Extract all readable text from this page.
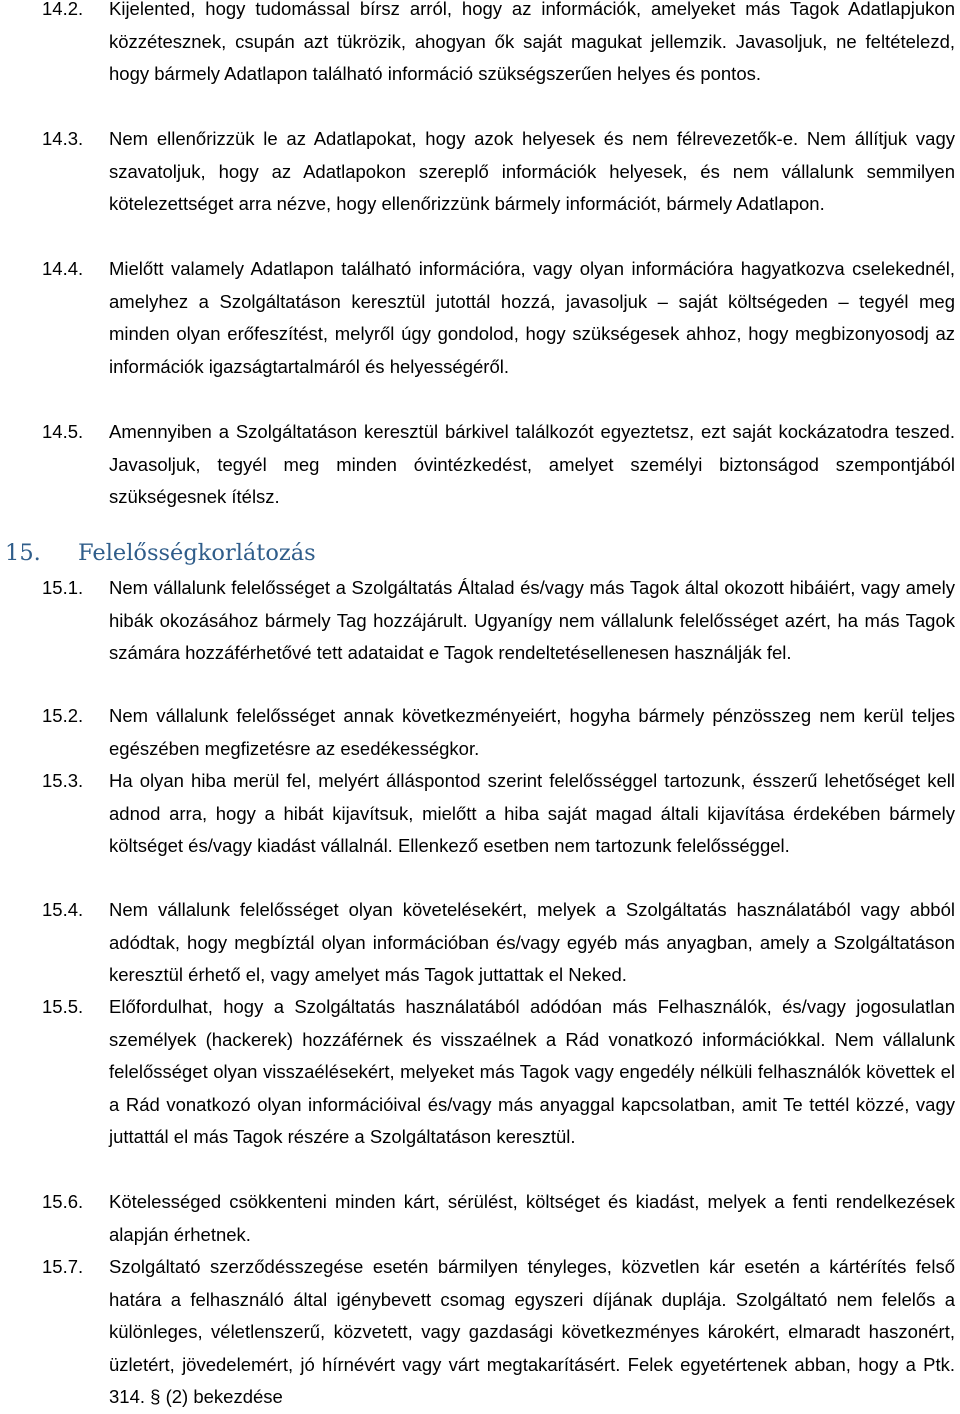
14.2. Kijelented, hogy tudomással bírsz arról, hogy az információk, amelyeket más Tagok Adatlapjukon közzétesznek, csupán azt tükrözik, ahogyan ők saját magukat jellemzik. Javasoljuk, ne feltételezd, hogy bármely Adatlapon található információ szükségszerűen helyes és pontos.

14.3. Nem ellenőrizzük le az Adatlapokat, hogy azok helyesek és nem félrevezetők-e. Nem állítjuk vagy szavatoljuk, hogy az Adatlapokon szereplő információk helyesek, és nem vállalunk semmilyen kötelezettséget arra nézve, hogy ellenőrizzünk bármely információt, bármely Adatlapon.

14.4. Mielőtt valamely Adatlapon található információra, vagy olyan információra hagyatkozva cselekednél, amelyhez a Szolgáltatáson keresztül jutottál hozzá, javasoljuk – saját költségeden – tegyél meg minden olyan erőfeszítést, melyről úgy gondolod, hogy szükségesek ahhoz, hogy megbizonyosodj az információk igazságtartalmáról és helyességéről.

14.5. Amennyiben a Szolgáltatáson keresztül bárkivel találkozót egyeztetsz, ezt saját kockázatodra teszed. Javasoljuk, tegyél meg minden óvintézkedést, amelyet személyi biztonságod szempontjából szükségesnek ítélsz.

15. Felelősségkorlátozás
15.1. Nem vállalunk felelősséget a Szolgáltatás Általad és/vagy más Tagok által okozott hibáiért, vagy amely hibák okozásához bármely Tag hozzájárult. Ugyanígy nem vállalunk felelősséget azért, ha más Tagok számára hozzáférhetővé tett adataidat e Tagok rendeltetésellenesen használják fel.

15.2. Nem vállalunk felelősséget annak következményeiért, hogyha bármely pénzösszeg nem kerül teljes egészében megfizetésre az esedékességkor.

15.3. Ha olyan hiba merül fel, melyért álláspontod szerint felelősséggel tartozunk, ésszerű lehetőséget kell adnod arra, hogy a hibát kijavítsuk, mielőtt a hiba saját magad általi kijavítása érdekében bármely költséget és/vagy kiadást vállalnál. Ellenkező esetben nem tartozunk felelősséggel.

15.4. Nem vállalunk felelősséget olyan követelésekért, melyek a Szolgáltatás használatából vagy abból adódtak, hogy megbíztál olyan információban és/vagy egyéb más anyagban, amely a Szolgáltatáson keresztül érhető el, vagy amelyet más Tagok juttattak el Neked.

15.5. Előfordulhat, hogy a Szolgáltatás használatából adódóan más Felhasználók, és/vagy jogosulatlan személyek (hackerek) hozzáférnek és visszaélnek a Rád vonatkozó információkkal. Nem vállalunk felelősséget olyan visszaélésekért, melyeket más Tagok vagy engedély nélküli felhasználók követtek el a Rád vonatkozó olyan információival és/vagy más anyaggal kapcsolatban, amit Te tettél közzé, vagy juttattál el más Tagok részére a Szolgáltatáson keresztül.

15.6. Kötelességed csökkenteni minden kárt, sérülést, költséget és kiadást, melyek a fenti rendelkezések alapján érhetnek.

15.7. Szolgáltató szerződésszegése esetén bármilyen tényleges, közvetlen kár esetén a kártérítés felső határa a felhasználó által igénybevett csomag egyszeri díjának duplája. Szolgáltató nem felelős a különleges, véletlenszerű, közvetett, vagy gazdasági következményes károkért, elmaradt haszonért, üzletért, jövedelemért, jó hírnévért vagy várt megtakarításért. Felek egyetértenek abban, hogy a Ptk. 314. § (2) bekezdése
